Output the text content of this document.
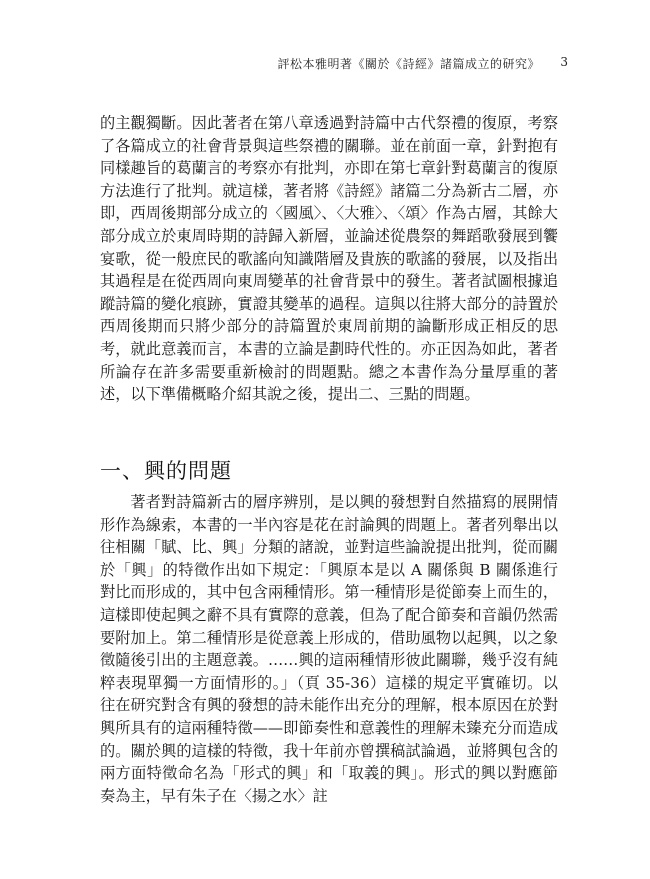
評松本雅明著《關於《詩經》諸篇成立的研究》 3

的主觀獨斷。因此著者在第八章透過對詩篇中古代祭禮的復原，考察了各篇成立的社會背景與這些祭禮的關聯。並在前面一章，針對抱有同樣趣旨的葛蘭言的考察亦有批判，亦即在第七章針對葛蘭言的復原方法進行了批判。就這樣，著者將《詩經》諸篇二分為新古二層，亦即，西周後期部分成立的〈國風〉、〈大雅〉、〈頌〉作為古層，其餘大部分成立於東周時期的詩歸入新層，並論述從農祭的舞蹈歌發展到饗宴歌，從一般庶民的歌謠向知識階層及貴族的歌謠的發展，以及指出其過程是在從西周向東周變革的社會背景中的發生。著者試圖根據追蹤詩篇的變化痕跡，實證其變革的過程。這與以往將大部分的詩置於西周後期而只將少部分的詩篇置於東周前期的論斷形成正相反的思考，就此意義而言，本書的立論是劃時代性的。亦正因為如此，著者所論存在許多需要重新檢討的問題點。總之本書作為分量厚重的著述，以下準備概略介紹其說之後，提出二、三點的問題。

一、興的問題

著者對詩篇新古的層序辨別，是以興的發想對自然描寫的展開情形作為線索，本書的一半內容是花在討論興的問題上。著者列舉出以往相關「賦、比、興」分類的諸說，並對這些論說提出批判，從而關於「興」的特徵作出如下規定：「興原本是以 A 關係與 B 關係進行對比而形成的，其中包含兩種情形。第一種情形是從節奏上而生的，這樣即使起興之辭不具有實際的意義，但為了配合節奏和音韻仍然需要附加上。第二種情形是從意義上形成的，借助風物以起興，以之象徵隨後引出的主題意義。……興的這兩種情形彼此關聯，幾乎沒有純粹表現單獨一方面情形的。」（頁 35-36）這樣的規定平實確切。以往在研究對含有興的發想的詩未能作出充分的理解，根本原因在於對興所具有的這兩種特徵——即節奏性和意義性的理解未臻充分而造成的。關於興的這樣的特徵，我十年前亦曾撰稿試論過，並將興包含的兩方面特徵命名為「形式的興」和「取義的興」。形式的興以對應節奏為主，早有朱子在〈揚之水〉註
